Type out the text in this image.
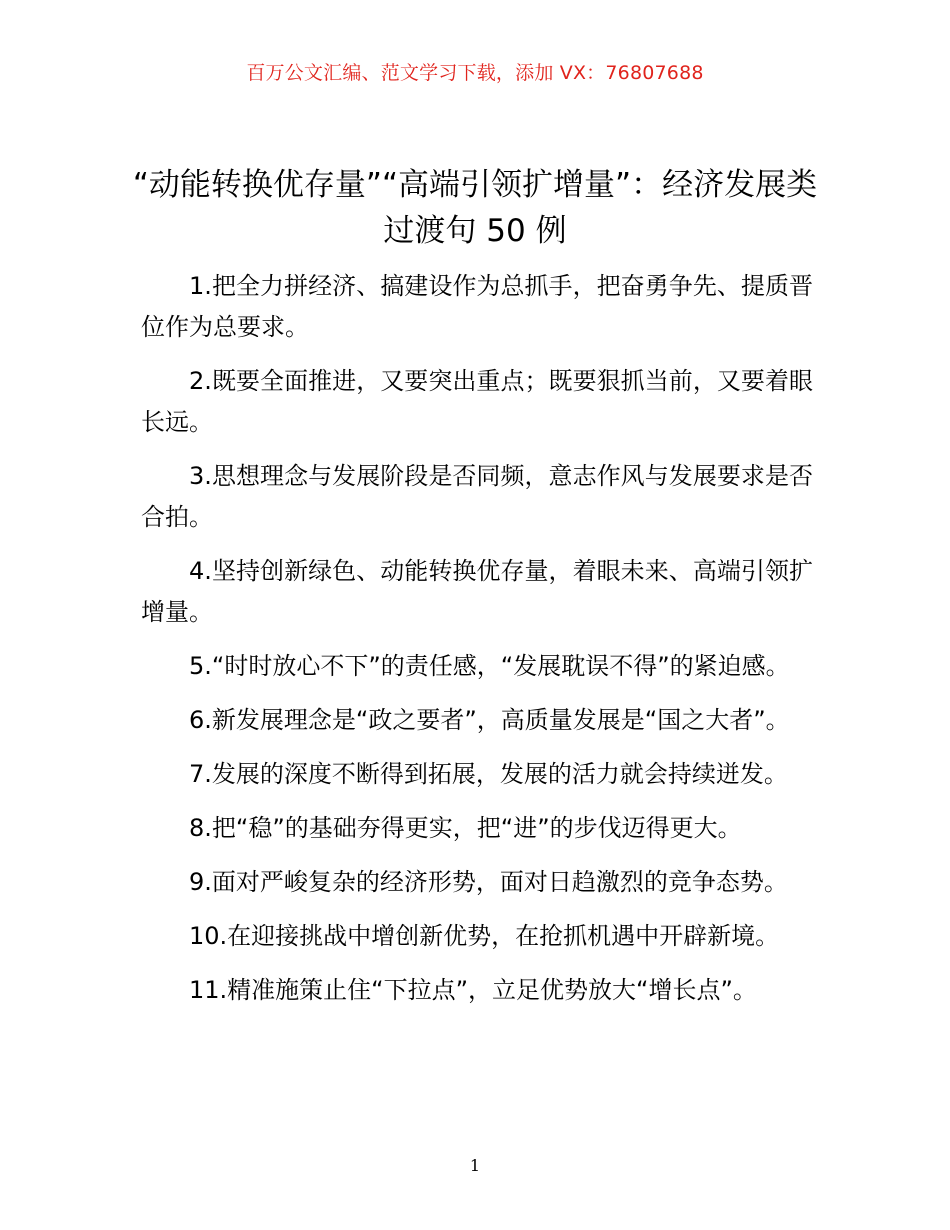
百万公文汇编、范文学习下载，添加 VX：76807688
“动能转换优存量”“高端引领扩增量”：经济发展类过渡句 50 例

1.把全力拼经济、搞建设作为总抓手，把奋勇争先、提质晋位作为总要求。

2.既要全面推进，又要突出重点；既要狠抓当前，又要着眼长远。

3.思想理念与发展阶段是否同频，意志作风与发展要求是否合拍。

4.坚持创新绿色、动能转换优存量，着眼未来、高端引领扩增量。

5.“时时放心不下”的责任感，“发展耽误不得”的紧迫感。

6.新发展理念是“政之要者”，高质量发展是“国之大者”。

7.发展的深度不断得到拓展，发展的活力就会持续迸发。

8.把“稳”的基础夯得更实，把“进”的步伐迈得更大。

9.面对严峻复杂的经济形势，面对日趋激烈的竞争态势。

10.在迎接挑战中增创新优势，在抢抓机遇中开辟新境。

11.精准施策止住“下拉点”，立足优势放大“增长点”。

1
